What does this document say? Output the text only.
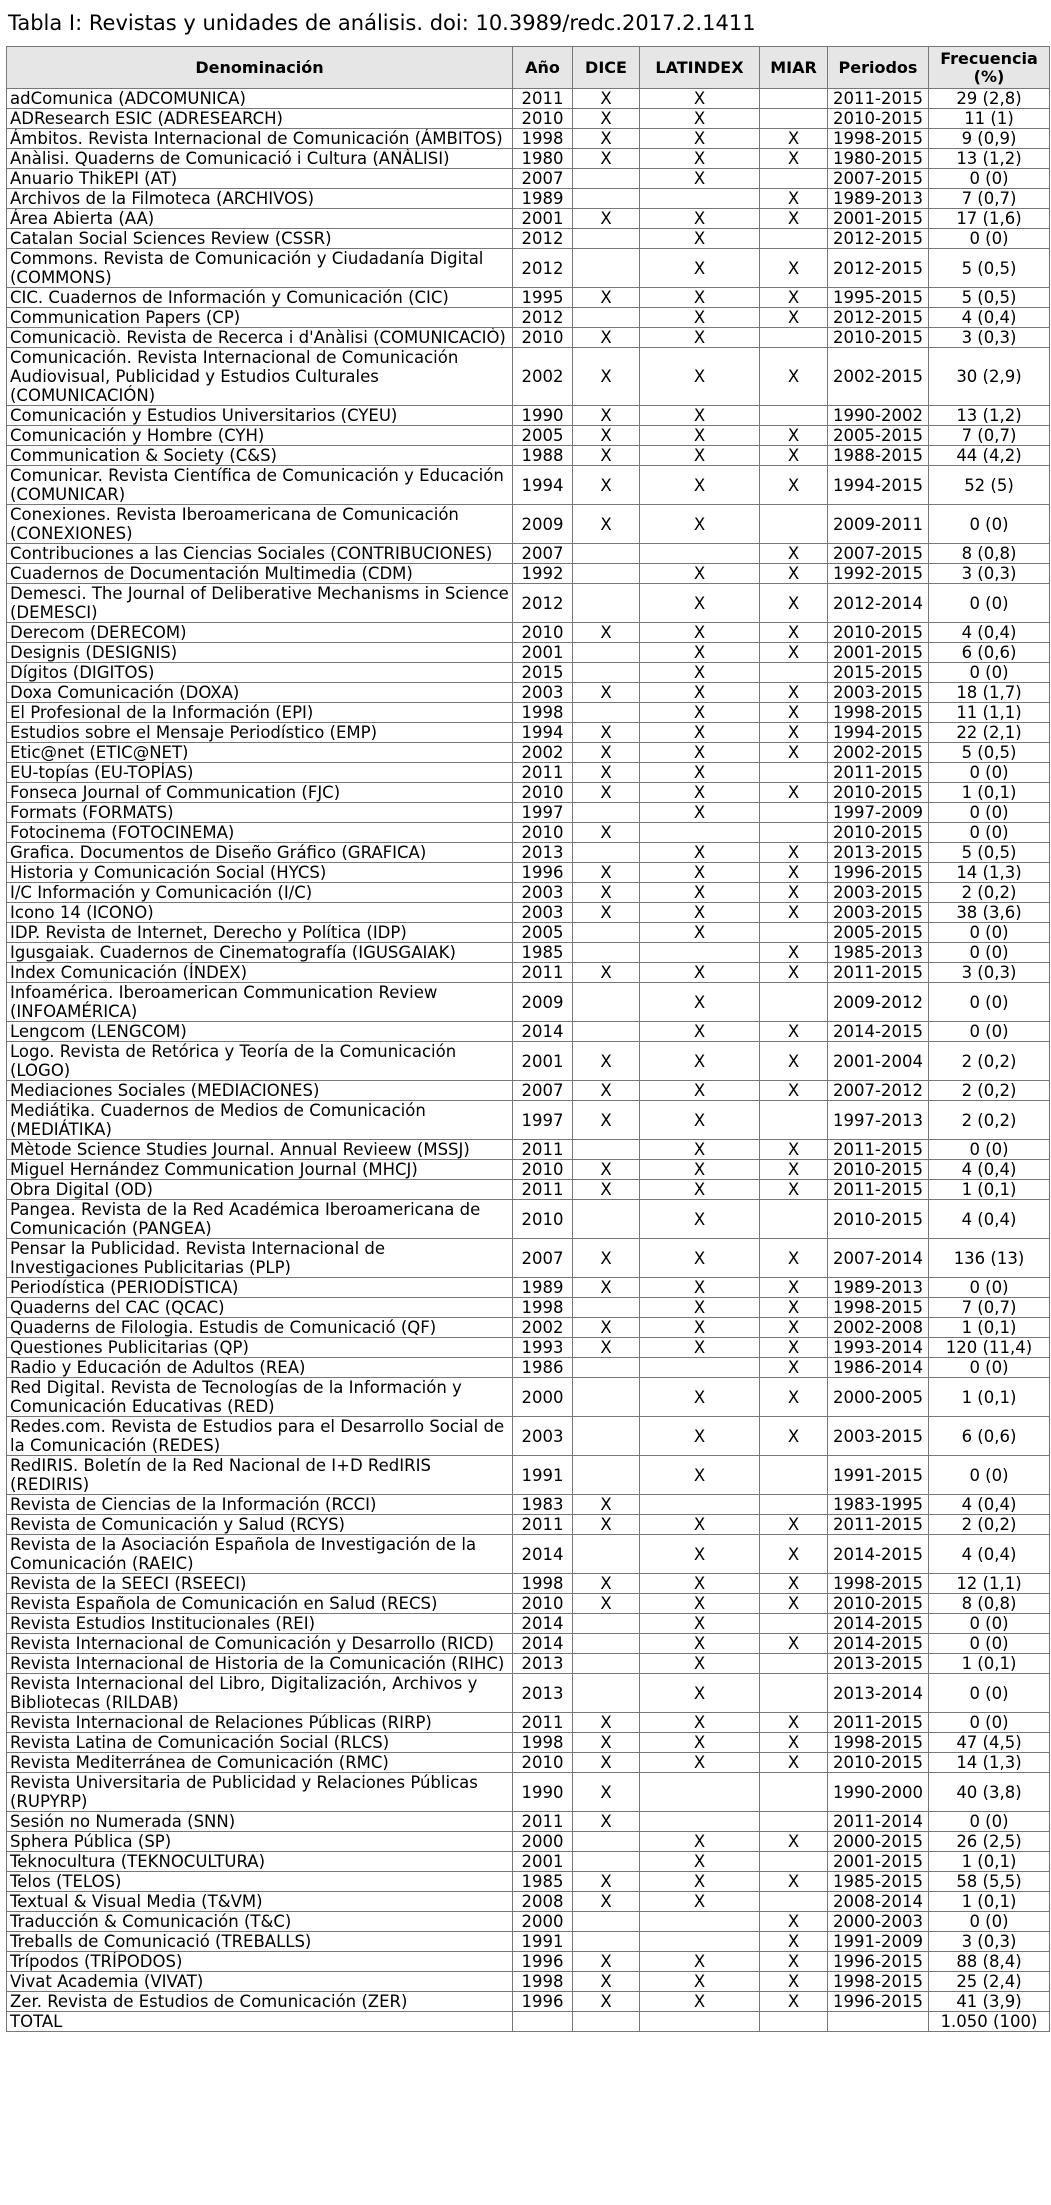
Tabla I: Revistas y unidades de análisis. doi: 10.3989/redc.2017.2.1411
Denominación	Año	DICE	LATINDEX	MIAR	Periodos	Frecuencia
(%)
adComunica (ADCOMUNICA)	2011	X	X		2011-2015	29 (2,8)
ADResearch ESIC (ADRESEARCH)	2010	X	X		2010-2015	11 (1)
Ámbitos. Revista Internacional de Comunicación (ÁMBITOS)	1998	X	X	X	1998-2015	9 (0,9)
Anàlisi. Quaderns de Comunicació i Cultura (ANÀLISI)	1980	X	X	X	1980-2015	13 (1,2)
Anuario ThikEPI (AT)	2007		X		2007-2015	0 (0)
Archivos de la Filmoteca (ARCHIVOS)	1989			X	1989-2013	7 (0,7)
Área Abierta (AA)	2001	X	X	X	2001-2015	17 (1,6)
Catalan Social Sciences Review (CSSR)	2012		X		2012-2015	0 (0)
Commons. Revista de Comunicación y Ciudadanía Digital (COMMONS)	2012		X	X	2012-2015	5 (0,5)
CIC. Cuadernos de Información y Comunicación (CIC)	1995	X	X	X	1995-2015	5 (0,5)
Communication Papers (CP)	2012		X	X	2012-2015	4 (0,4)
Comunicaciò. Revista de Recerca i d'Anàlisi (COMUNICACIÒ)	2010	X	X		2010-2015	3 (0,3)
Comunicación. Revista Internacional de Comunicación Audiovisual, Publicidad y Estudios Culturales (COMUNICACIÓN)	2002	X	X	X	2002-2015	30 (2,9)
Comunicación y Estudios Universitarios (CYEU)	1990	X	X		1990-2002	13 (1,2)
Comunicación y Hombre (CYH)	2005	X	X	X	2005-2015	7 (0,7)
Communication & Society (C&S)	1988	X	X	X	1988-2015	44 (4,2)
Comunicar. Revista Científica de Comunicación y Educación (COMUNICAR)	1994	X	X	X	1994-2015	52 (5)
Conexiones. Revista Iberoamericana de Comunicación (CONEXIONES)	2009	X	X		2009-2011	0 (0)
Contribuciones a las Ciencias Sociales (CONTRIBUCIONES)	2007			X	2007-2015	8 (0,8)
Cuadernos de Documentación Multimedia (CDM)	1992		X	X	1992-2015	3 (0,3)
Demesci. The Journal of Deliberative Mechanisms in Science (DEMESCI)	2012		X	X	2012-2014	0 (0)
Derecom (DERECOM)	2010	X	X	X	2010-2015	4 (0,4)
Designis (DESIGNIS)	2001		X	X	2001-2015	6 (0,6)
Dígitos (DIGITOS)	2015		X		2015-2015	0 (0)
Doxa Comunicación (DOXA)	2003	X	X	X	2003-2015	18 (1,7)
El Profesional de la Información (EPI)	1998		X	X	1998-2015	11 (1,1)
Estudios sobre el Mensaje Periodístico (EMP)	1994	X	X	X	1994-2015	22 (2,1)
Etic@net (ETIC@NET)	2002	X	X	X	2002-2015	5 (0,5)
EU-topías (EU-TOPÍAS)	2011	X	X		2011-2015	0 (0)
Fonseca Journal of Communication (FJC)	2010	X	X	X	2010-2015	1 (0,1)
Formats (FORMATS)	1997		X		1997-2009	0 (0)
Fotocinema (FOTOCINEMA)	2010	X			2010-2015	0 (0)
Grafica. Documentos de Diseño Gráfico (GRAFICA)	2013		X	X	2013-2015	5 (0,5)
Historia y Comunicación Social (HYCS)	1996	X	X	X	1996-2015	14 (1,3)
I/C Información y Comunicación (I/C)	2003	X	X	X	2003-2015	2 (0,2)
Icono 14 (ICONO)	2003	X	X	X	2003-2015	38 (3,6)
IDP. Revista de Internet, Derecho y Política (IDP)	2005		X		2005-2015	0 (0)
Igusgaiak. Cuadernos de Cinematografía (IGUSGAIAK)	1985			X	1985-2013	0 (0)
Index Comunicación (ÍNDEX)	2011	X	X	X	2011-2015	3 (0,3)
Infoamérica. Iberoamerican Communication Review (INFOAMÉRICA)	2009		X		2009-2012	0 (0)
Lengcom (LENGCOM)	2014		X	X	2014-2015	0 (0)
Logo. Revista de Retórica y Teoría de la Comunicación (LOGO)	2001	X	X	X	2001-2004	2 (0,2)
Mediaciones Sociales (MEDIACIONES)	2007	X	X	X	2007-2012	2 (0,2)
Mediátika. Cuadernos de Medios de Comunicación (MEDIÁTIKA)	1997	X	X		1997-2013	2 (0,2)
Mètode Science Studies Journal. Annual Revieew (MSSJ)	2011		X	X	2011-2015	0 (0)
Miguel Hernández Communication Journal (MHCJ)	2010	X	X	X	2010-2015	4 (0,4)
Obra Digital (OD)	2011	X	X	X	2011-2015	1 (0,1)
Pangea. Revista de la Red Académica Iberoamericana de Comunicación (PANGEA)	2010		X		2010-2015	4 (0,4)
Pensar la Publicidad. Revista Internacional de Investigaciones Publicitarias (PLP)	2007	X	X	X	2007-2014	136 (13)
Periodística (PERIODÍSTICA)	1989	X	X	X	1989-2013	0 (0)
Quaderns del CAC (QCAC)	1998		X	X	1998-2015	7 (0,7)
Quaderns de Filologia. Estudis de Comunicació (QF)	2002	X	X	X	2002-2008	1 (0,1)
Questiones Publicitarias (QP)	1993	X	X	X	1993-2014	120 (11,4)
Radio y Educación de Adultos (REA)	1986			X	1986-2014	0 (0)
Red Digital. Revista de Tecnologías de la Información y Comunicación Educativas (RED)	2000		X	X	2000-2005	1 (0,1)
Redes.com. Revista de Estudios para el Desarrollo Social de la Comunicación (REDES)	2003		X	X	2003-2015	6 (0,6)
RedIRIS. Boletín de la Red Nacional de I+D RedIRIS (REDIRIS)	1991		X		1991-2015	0 (0)
Revista de Ciencias de la Información (RCCI)	1983	X			1983-1995	4 (0,4)
Revista de Comunicación y Salud (RCYS)	2011	X	X	X	2011-2015	2 (0,2)
Revista de la Asociación Española de Investigación de la Comunicación (RAEIC)	2014		X	X	2014-2015	4 (0,4)
Revista de la SEECI (RSEECI)	1998	X	X	X	1998-2015	12 (1,1)
Revista Española de Comunicación en Salud (RECS)	2010	X	X	X	2010-2015	8 (0,8)
Revista Estudios Institucionales (REI)	2014		X		2014-2015	0 (0)
Revista Internacional de Comunicación y Desarrollo (RICD)	2014		X	X	2014-2015	0 (0)
Revista Internacional de Historia de la Comunicación (RIHC)	2013		X		2013-2015	1 (0,1)
Revista Internacional del Libro, Digitalización, Archivos y Bibliotecas (RILDAB)	2013		X		2013-2014	0 (0)
Revista Internacional de Relaciones Públicas (RIRP)	2011	X	X	X	2011-2015	0 (0)
Revista Latina de Comunicación Social (RLCS)	1998	X	X	X	1998-2015	47 (4,5)
Revista Mediterránea de Comunicación (RMC)	2010	X	X	X	2010-2015	14 (1,3)
Revista Universitaria de Publicidad y Relaciones Públicas (RUPYRP)	1990	X			1990-2000	40 (3,8)
Sesión no Numerada (SNN)	2011	X			2011-2014	0 (0)
Sphera Pública (SP)	2000		X	X	2000-2015	26 (2,5)
Teknocultura (TEKNOCULTURA)	2001		X		2001-2015	1 (0,1)
Telos (TELOS)	1985	X	X	X	1985-2015	58 (5,5)
Textual & Visual Media (T&VM)	2008	X	X		2008-2014	1 (0,1)
Traducción & Comunicación (T&C)	2000			X	2000-2003	0 (0)
Treballs de Comunicació (TREBALLS)	1991			X	1991-2009	3 (0,3)
Trípodos (TRÍPODOS)	1996	X	X	X	1996-2015	88 (8,4)
Vivat Academia (VIVAT)	1998	X	X	X	1998-2015	25 (2,4)
Zer. Revista de Estudios de Comunicación (ZER)	1996	X	X	X	1996-2015	41 (3,9)
TOTAL						1.050 (100)
